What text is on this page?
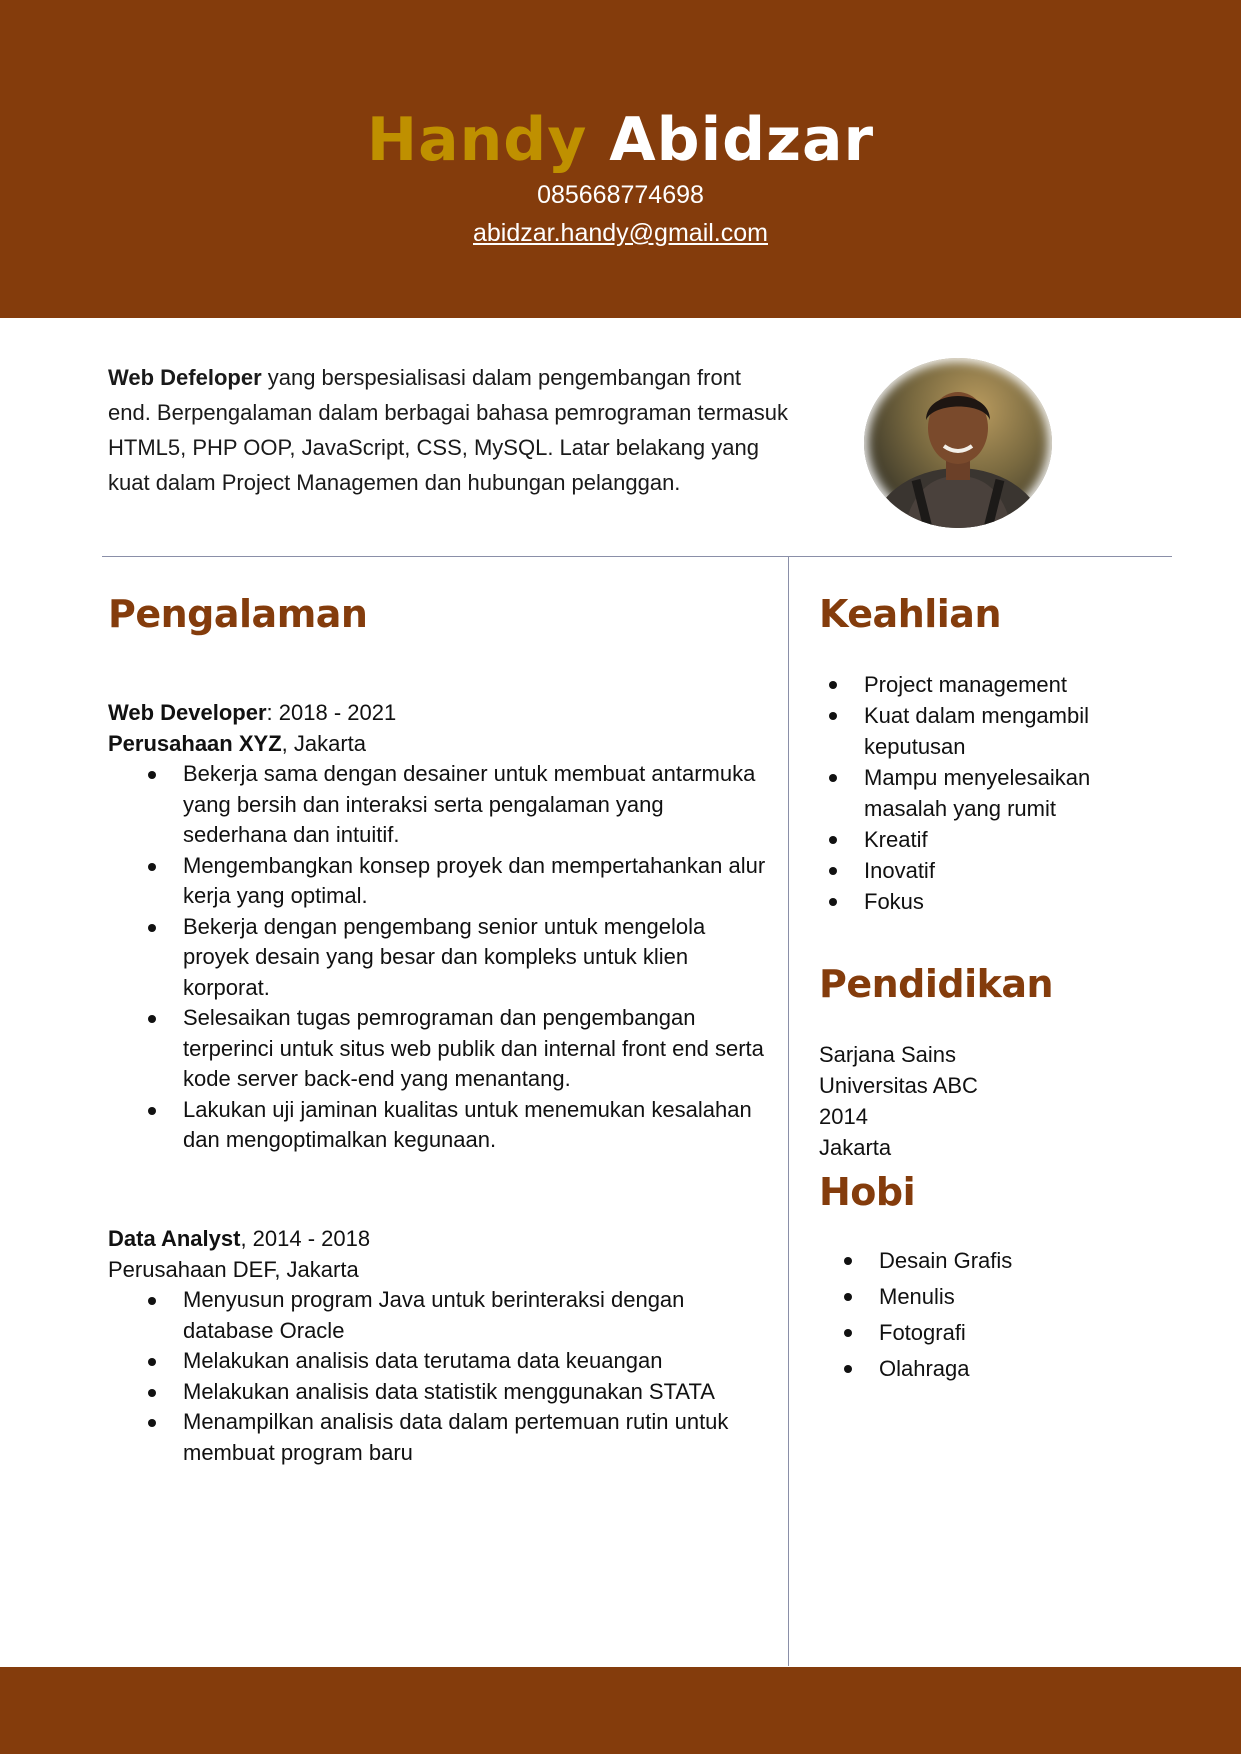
Handy Abidzar
085668774698
abidzar.handy@gmail.com
Web Defeloper yang berspesialisasi dalam pengembangan front end. Berpengalaman dalam berbagai bahasa pemrograman termasuk HTML5, PHP OOP, JavaScript, CSS, MySQL. Latar belakang yang kuat dalam Project Managemen dan hubungan pelanggan.
Pengalaman
Web Developer: 2018 - 2021
Perusahaan XYZ, Jakarta
Bekerja sama dengan desainer untuk membuat antarmuka yang bersih dan interaksi serta pengalaman yang sederhana dan intuitif.
Mengembangkan konsep proyek dan mempertahankan alur kerja yang optimal.
Bekerja dengan pengembang senior untuk mengelola proyek desain yang besar dan kompleks untuk klien korporat.
Selesaikan tugas pemrograman dan pengembangan terperinci untuk situs web publik dan internal front end serta kode server back-end yang menantang.
Lakukan uji jaminan kualitas untuk menemukan kesalahan dan mengoptimalkan kegunaan.
Data Analyst, 2014 - 2018
Perusahaan DEF, Jakarta
Menyusun program Java untuk berinteraksi dengan database Oracle
Melakukan analisis data terutama data keuangan
Melakukan analisis data statistik menggunakan STATA
Menampilkan analisis data dalam pertemuan rutin untuk membuat program baru
Keahlian
Project management
Kuat dalam mengambil keputusan
Mampu menyelesaikan masalah yang rumit
Kreatif
Inovatif
Fokus
Pendidikan
Sarjana Sains
Universitas ABC
2014
Jakarta
Hobi
Desain Grafis
Menulis
Fotografi
Olahraga
